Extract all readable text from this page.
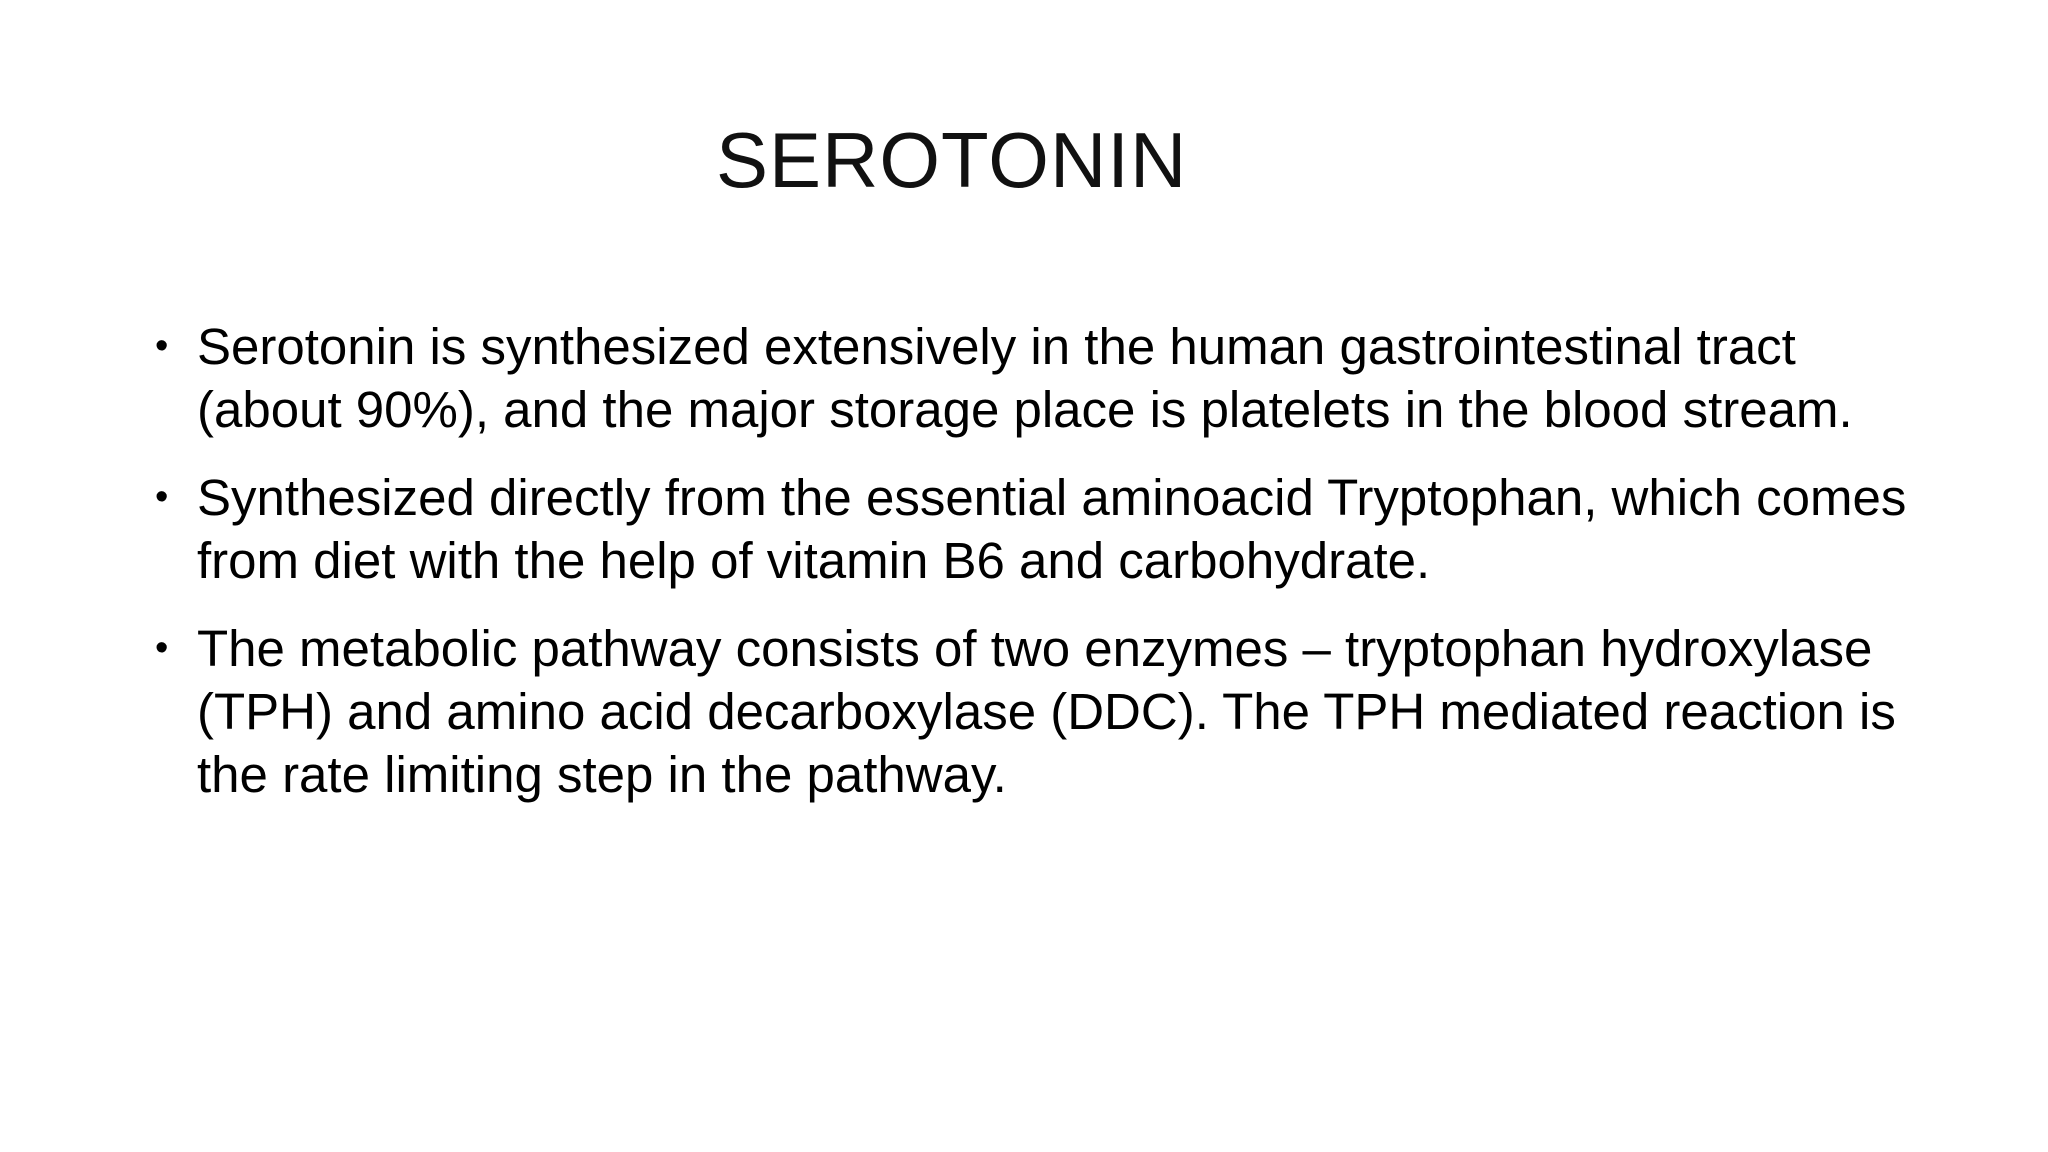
SEROTONIN
• Serotonin is synthesized extensively in the human gastrointestinal tract (about 90%), and the major storage place is platelets in the blood stream.
• Synthesized directly from the essential aminoacid Tryptophan, which comes from diet with the help of vitamin B6 and carbohydrate.
• The metabolic pathway consists of two enzymes – tryptophan hydroxylase (TPH) and amino acid decarboxylase (DDC). The TPH mediated reaction is the rate limiting step in the pathway.
